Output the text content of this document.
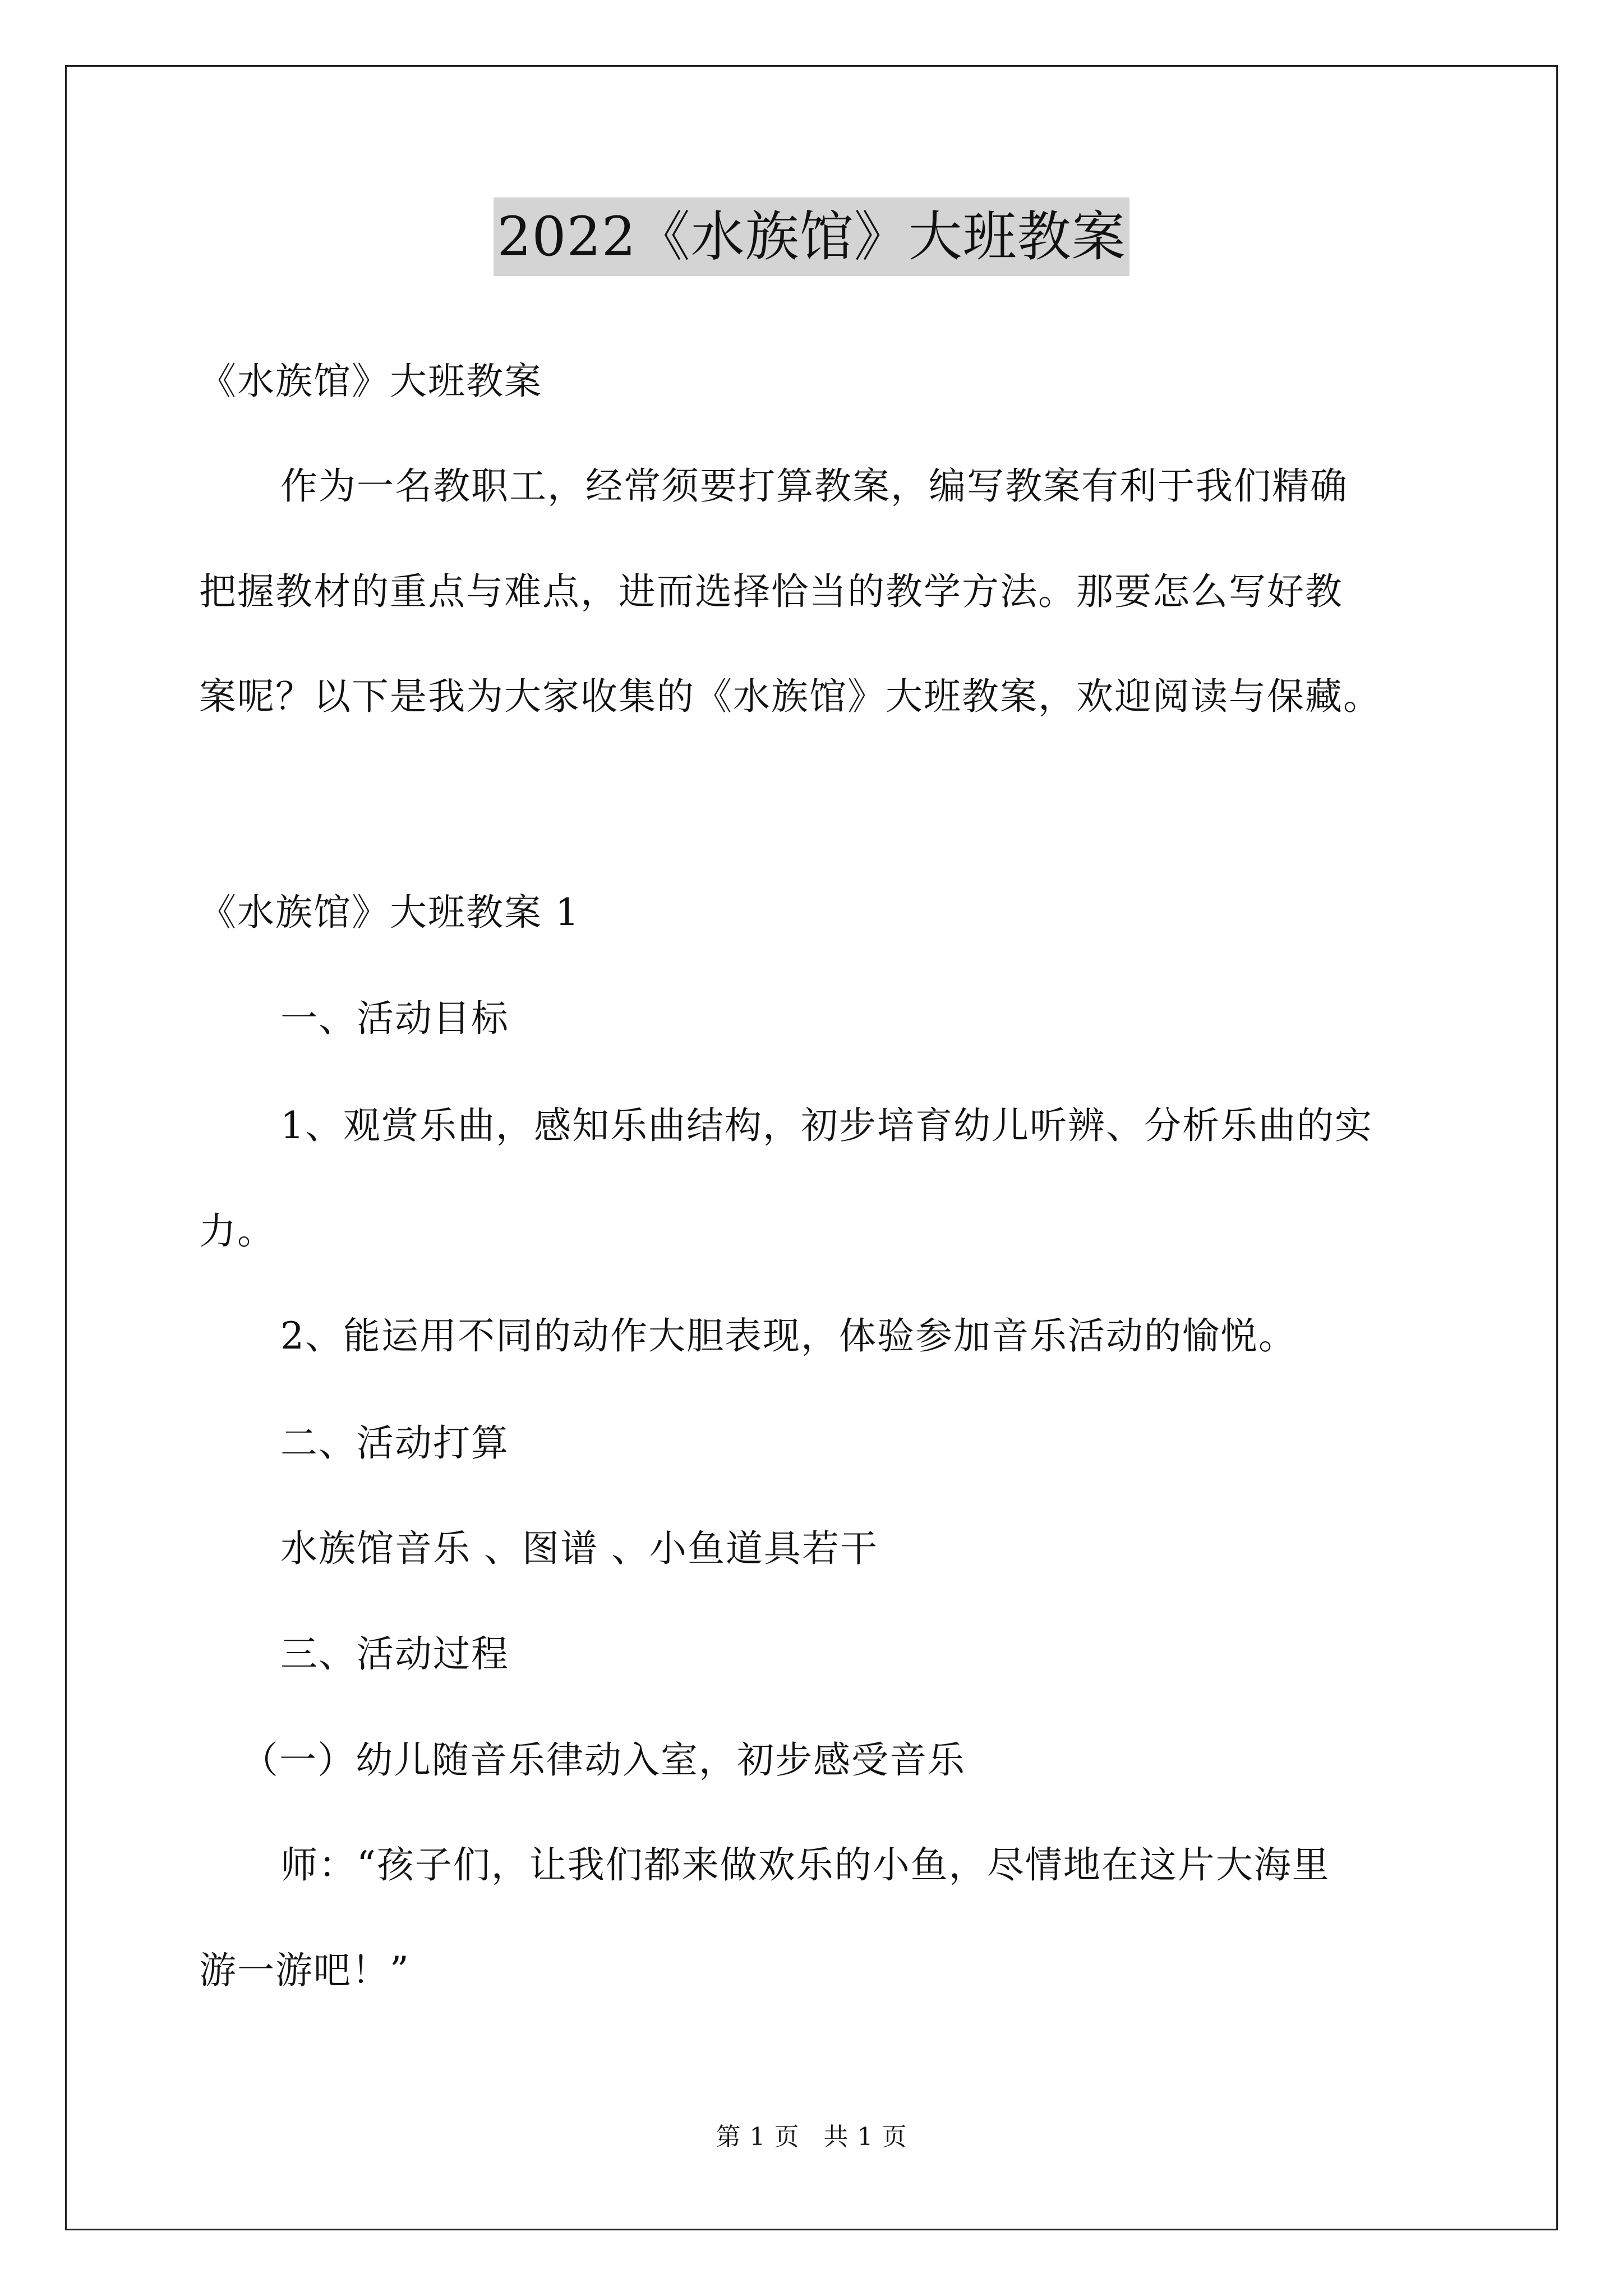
2022《水族馆》大班教案
《水族馆》大班教案
作为一名教职工，经常须要打算教案，编写教案有利于我们精确
把握教材的重点与难点，进而选择恰当的教学方法。那要怎么写好教
案呢？以下是我为大家收集的《水族馆》大班教案，欢迎阅读与保藏。
《水族馆》大班教案 1
一、活动目标
1、观赏乐曲，感知乐曲结构，初步培育幼儿听辨、分析乐曲的实
力。
2、能运用不同的动作大胆表现，体验参加音乐活动的愉悦。
二、活动打算
水族馆音乐 、图谱 、小鱼道具若干
三、活动过程
（一）幼儿随音乐律动入室，初步感受音乐
师：“孩子们，让我们都来做欢乐的小鱼，尽情地在这片大海里
游一游吧！”
第 1 页 共 1 页
